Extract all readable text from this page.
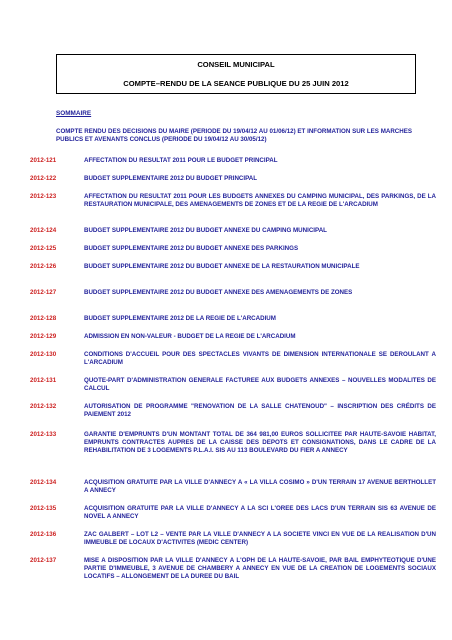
CONSEIL MUNICIPAL
COMPTE–RENDU DE LA SEANCE PUBLIQUE DU 25 JUIN 2012
SOMMAIRE
COMPTE RENDU DES DECISIONS DU MAIRE (PERIODE DU 19/04/12 AU 01/06/12) ET INFORMATION SUR LES MARCHES PUBLICS ET AVENANTS CONCLUS (PERIODE DU 19/04/12 AU 30/05/12)
2012-121	AFFECTATION DU RESULTAT 2011 POUR LE BUDGET PRINCIPAL
2012-122	BUDGET SUPPLEMENTAIRE 2012 DU BUDGET PRINCIPAL
2012-123	AFFECTATION DU RESULTAT 2011 POUR LES BUDGETS ANNEXES DU CAMPING MUNICIPAL, DES PARKINGS, DE LA RESTAURATION MUNICIPALE, DES AMENAGEMENTS DE ZONES ET DE LA REGIE DE L'ARCADIUM
2012-124	BUDGET SUPPLEMENTAIRE 2012 DU BUDGET ANNEXE DU CAMPING MUNICIPAL
2012-125	BUDGET SUPPLEMENTAIRE 2012 DU BUDGET ANNEXE DES PARKINGS
2012-126	BUDGET SUPPLEMENTAIRE 2012 DU BUDGET ANNEXE DE LA RESTAURATION MUNICIPALE
2012-127	BUDGET SUPPLEMENTAIRE 2012 DU BUDGET ANNEXE DES AMENAGEMENTS DE ZONES
2012-128	BUDGET SUPPLEMENTAIRE 2012 DE LA REGIE DE L'ARCADIUM
2012-129	ADMISSION EN NON-VALEUR - BUDGET DE LA REGIE DE L'ARCADIUM
2012-130	CONDITIONS D'ACCUEIL POUR DES SPECTACLES VIVANTS DE DIMENSION INTERNATIONALE SE DEROULANT A L'ARCADIUM
2012-131	QUOTE-PART D'ADMINISTRATION GENERALE FACTUREE AUX BUDGETS ANNEXES – NOUVELLES MODALITES DE CALCUL
2012-132	AUTORISATION DE PROGRAMME "RENOVATION DE LA SALLE CHATENOUD" – INSCRIPTION DES CRÉDITS DE PAIEMENT 2012
2012-133	GARANTIE D'EMPRUNTS D'UN MONTANT TOTAL DE 364 981,00 EUROS SOLLICITEE PAR HAUTE-SAVOIE HABITAT, EMPRUNTS CONTRACTES AUPRES DE LA CAISSE DES DEPOTS ET CONSIGNATIONS, DANS LE CADRE DE LA REHABILITATION DE 3 LOGEMENTS P.L.A.I. SIS AU 113 BOULEVARD DU FIER A ANNECY
2012-134	ACQUISITION GRATUITE PAR LA VILLE D'ANNECY A « LA VILLA COSIMO » D'UN TERRAIN 17 AVENUE BERTHOLLET A ANNECY
2012-135	ACQUISITION GRATUITE PAR LA VILLE D'ANNECY A LA SCI L'OREE DES LACS D'UN TERRAIN SIS 63 AVENUE DE NOVEL A ANNECY
2012-136	ZAC GALBERT – LOT L2 – VENTE PAR LA VILLE D'ANNECY A LA SOCIETE VINCI EN VUE DE LA REALISATION D'UN IMMEUBLE DE LOCAUX D'ACTIVITES (MEDIC CENTER)
2012-137	MISE A DISPOSITION PAR LA VILLE D'ANNECY A L'OPH DE LA HAUTE-SAVOIE, PAR BAIL EMPHYTEOTIQUE D'UNE PARTIE D'IMMEUBLE, 3 AVENUE DE CHAMBERY A ANNECY EN VUE DE LA CREATION DE LOGEMENTS SOCIAUX LOCATIFS – ALLONGEMENT DE LA DUREE DU BAIL
